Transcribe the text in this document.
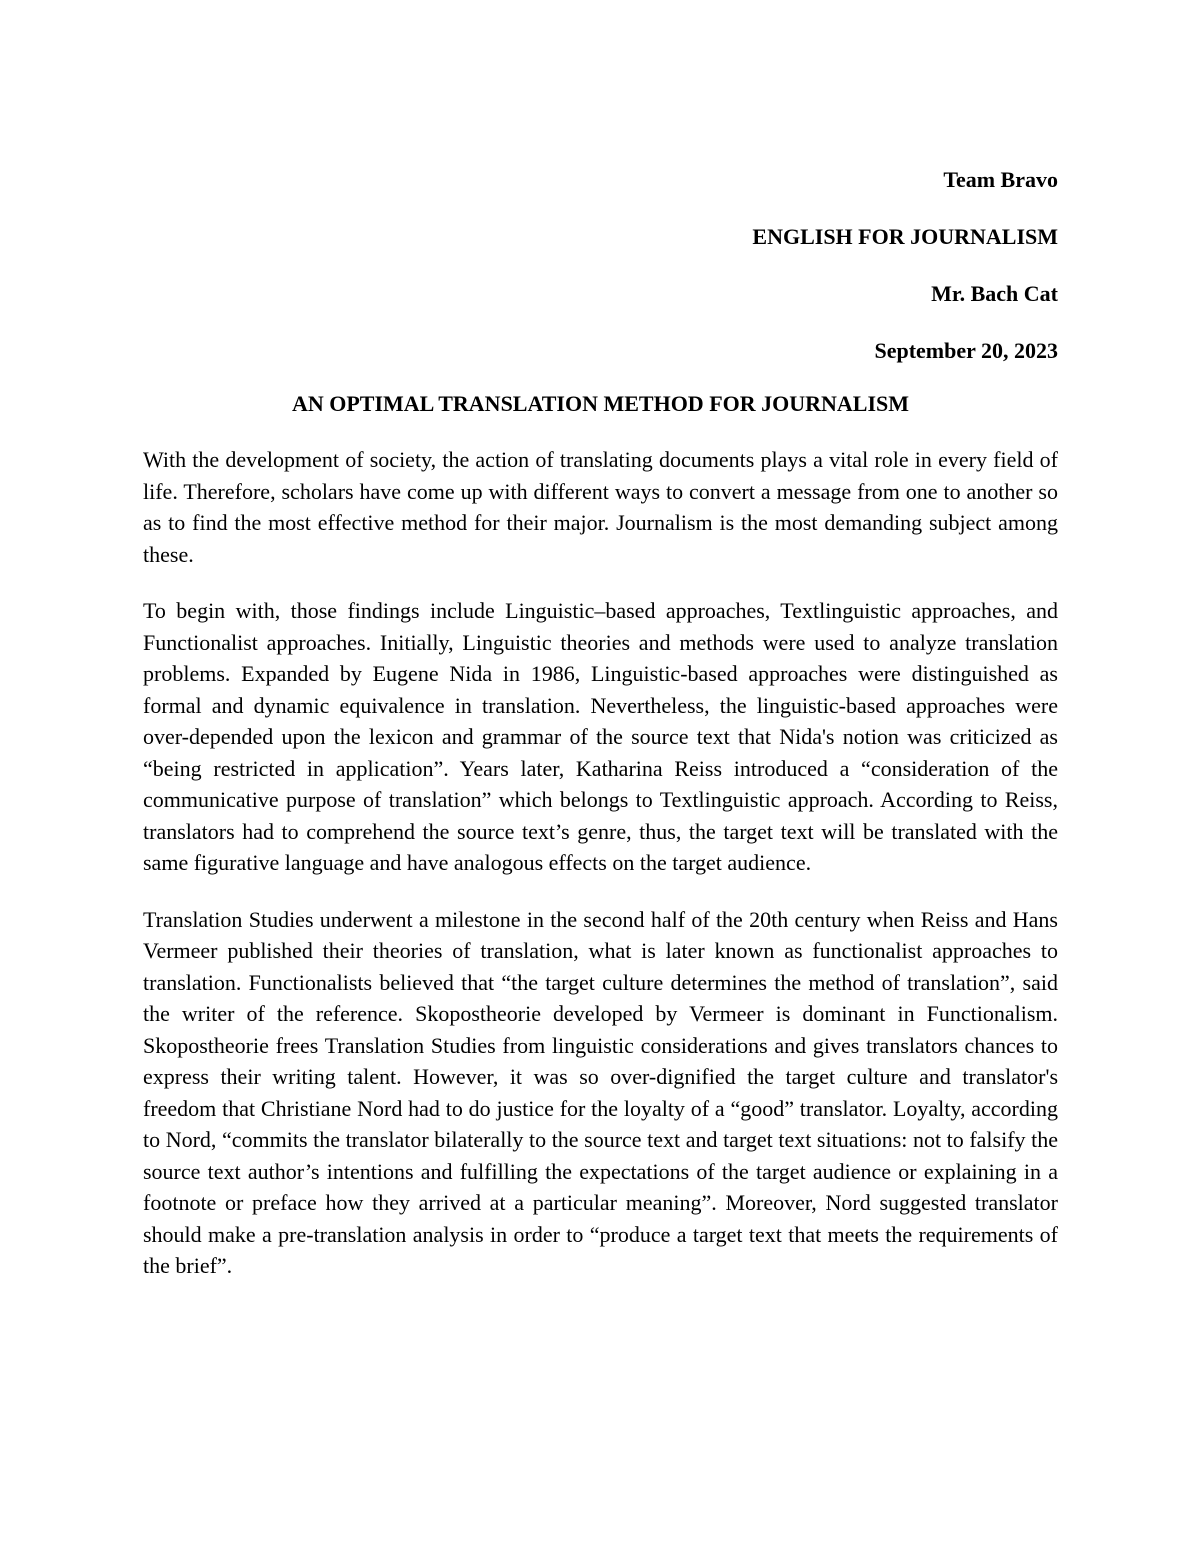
Team Bravo
ENGLISH FOR JOURNALISM
Mr. Bach Cat
September 20, 2023
AN OPTIMAL TRANSLATION METHOD FOR JOURNALISM

With the development of society, the action of translating documents plays a vital role in every field of life. Therefore, scholars have come up with different ways to convert a message from one to another so as to find the most effective method for their major. Journalism is the most demanding subject among these.

To begin with, those findings include Linguistic–based approaches, Textlinguistic approaches, and Functionalist approaches. Initially, Linguistic theories and methods were used to analyze translation problems. Expanded by Eugene Nida in 1986, Linguistic-based approaches were distinguished as formal and dynamic equivalence in translation. Nevertheless, the linguistic-based approaches were over-depended upon the lexicon and grammar of the source text that Nida's notion was criticized as “being restricted in application”. Years later, Katharina Reiss introduced a “consideration of the communicative purpose of translation” which belongs to Textlinguistic approach. According to Reiss, translators had to comprehend the source text’s genre, thus, the target text will be translated with the same figurative language and have analogous effects on the target audience.

Translation Studies underwent a milestone in the second half of the 20th century when Reiss and Hans Vermeer published their theories of translation, what is later known as functionalist approaches to translation. Functionalists believed that “the target culture determines the method of translation”, said the writer of the reference. Skopostheorie developed by Vermeer is dominant in Functionalism. Skopostheorie frees Translation Studies from linguistic considerations and gives translators chances to express their writing talent. However, it was so over-dignified the target culture and translator's freedom that Christiane Nord had to do justice for the loyalty of a “good” translator. Loyalty, according to Nord, “commits the translator bilaterally to the source text and target text situations: not to falsify the source text author’s intentions and fulfilling the expectations of the target audience or explaining in a footnote or preface how they arrived at a particular meaning”. Moreover, Nord suggested translator should make a pre-translation analysis in order to “produce a target text that meets the requirements of the brief”.
